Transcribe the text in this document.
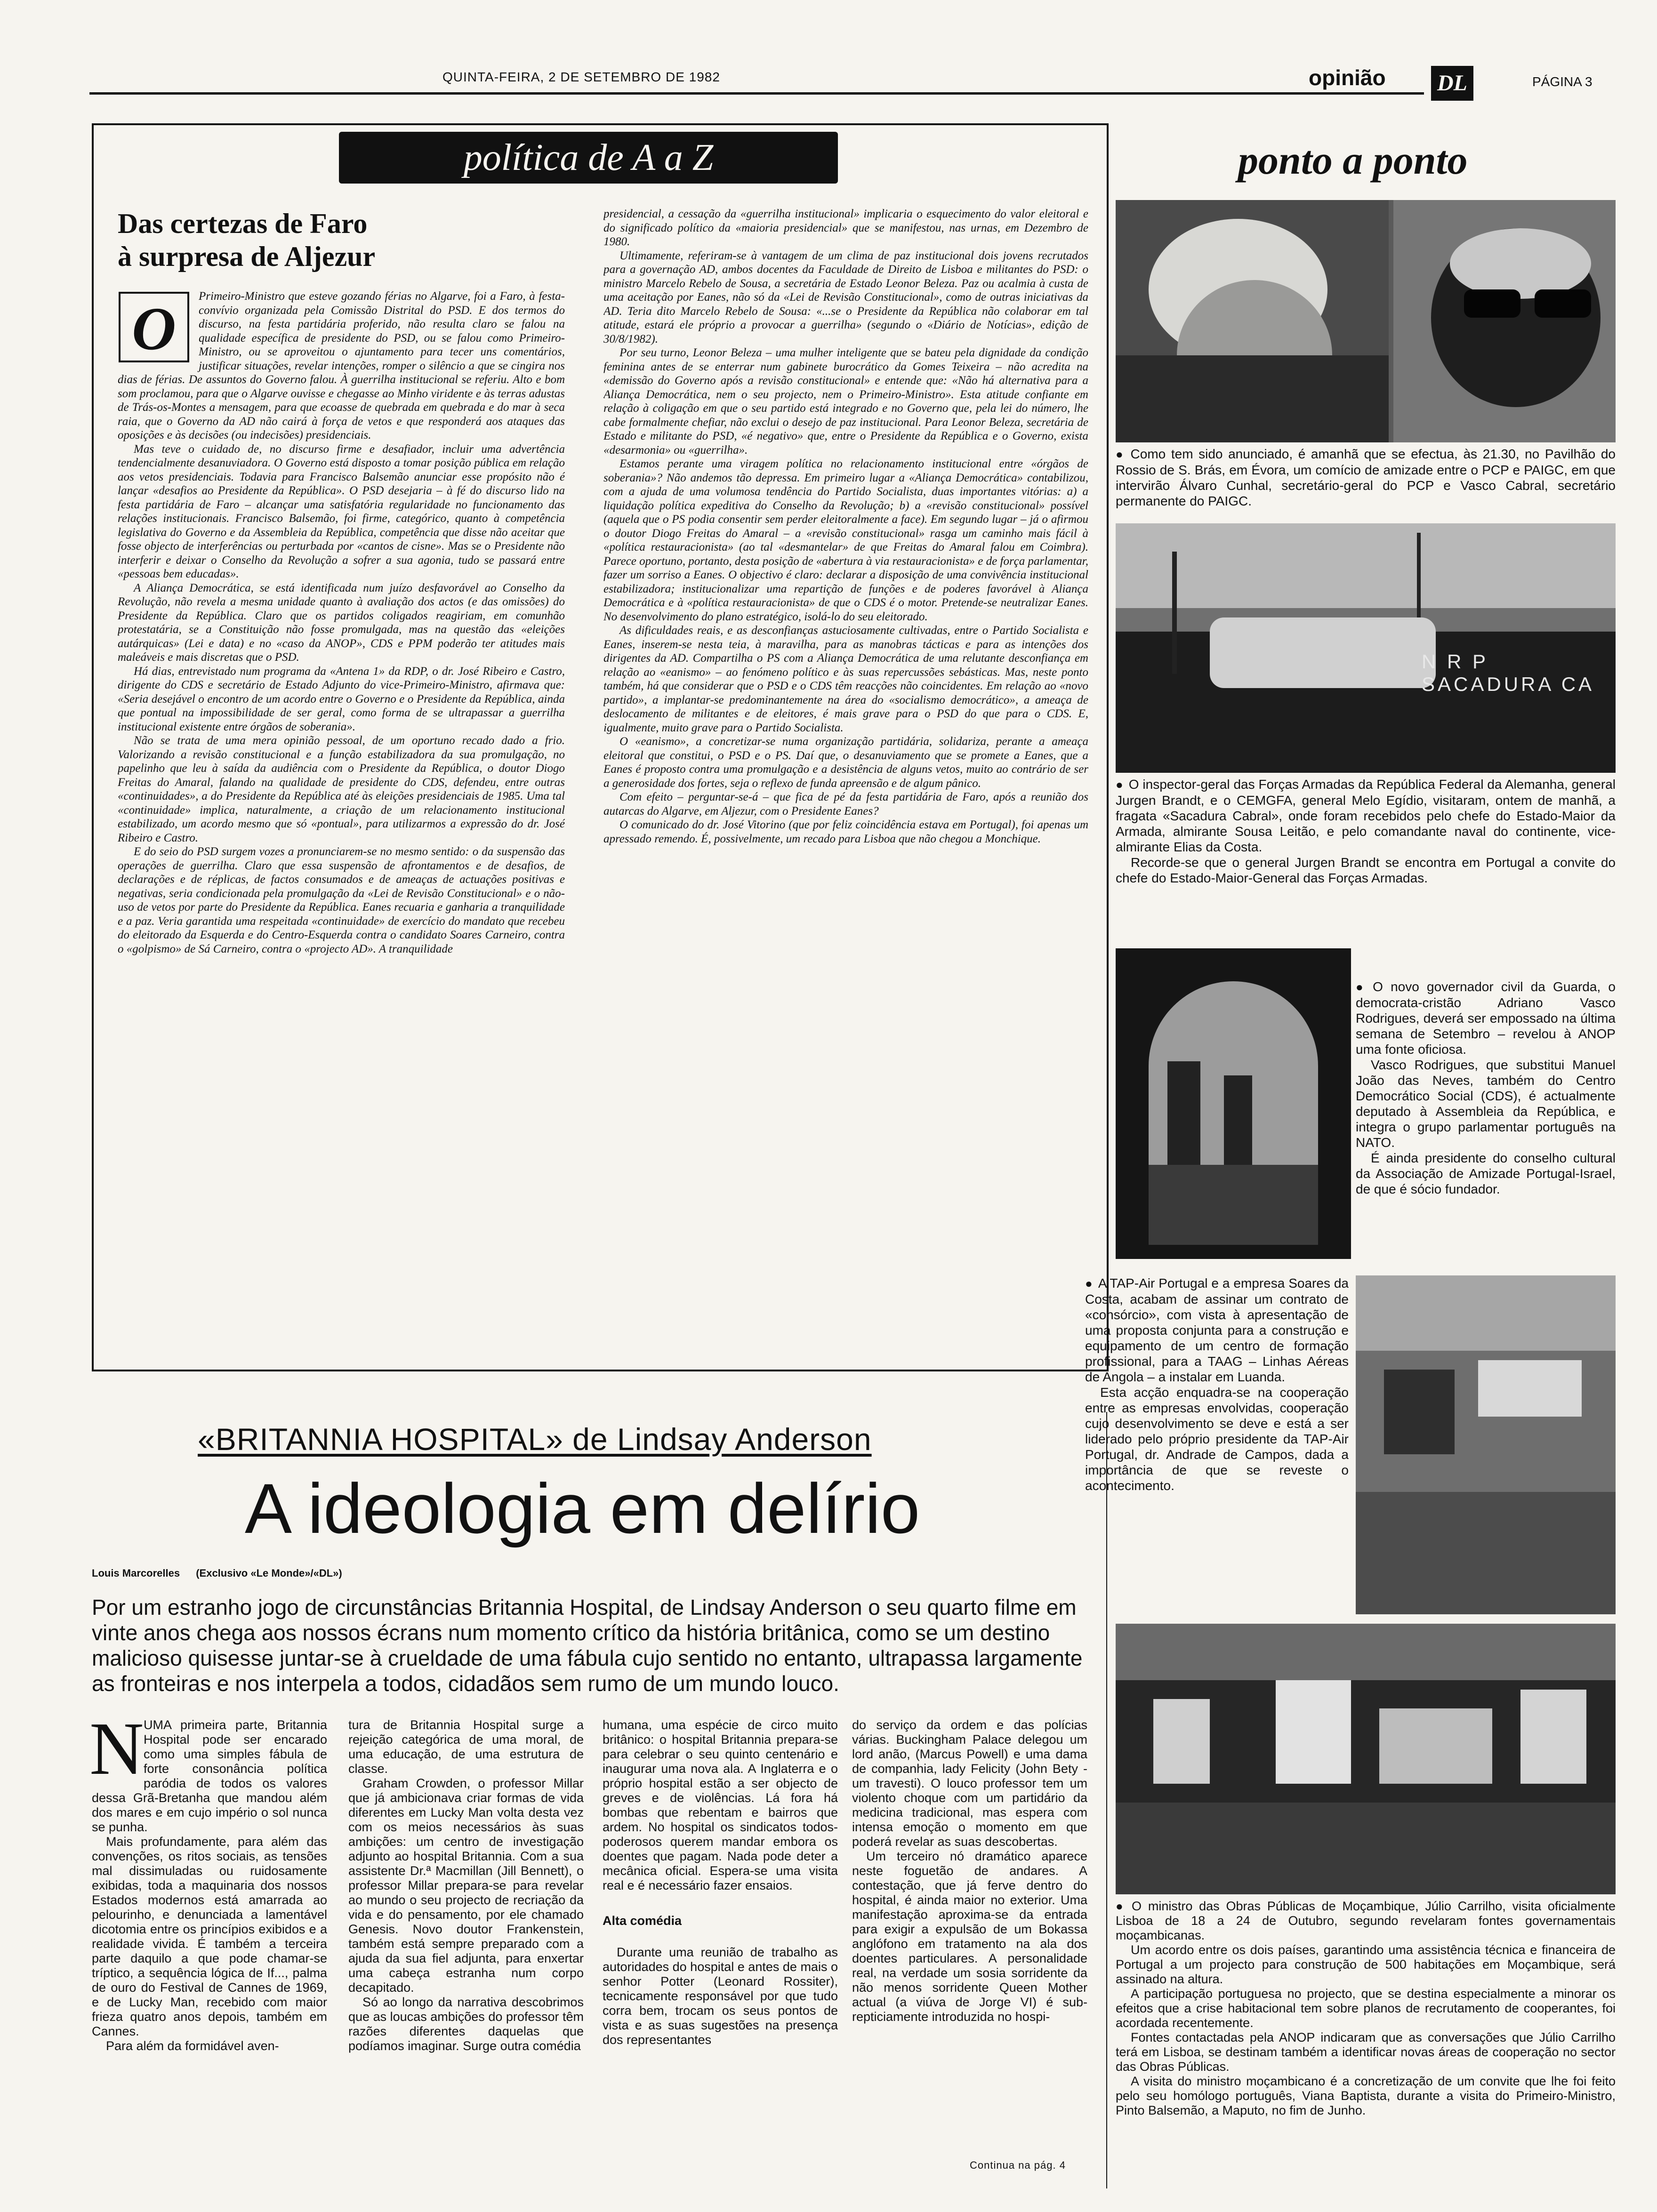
QUINTA-FEIRA, 2 DE SETEMBRO DE 1982	opinião DL	PÁGINA 3
política de A a Z
Das certezas de Faro
à surpresa de Aljezur
O	Primeiro-Ministro que esteve gozando férias no Algarve, foi a Faro, à festa-convívio organizada pela Comissão Distrital do PSD. E dos termos do discurso, na festa partidária proferido, não resulta claro se falou na qualidade específica de presidente do PSD, ou se falou como Primeiro-Ministro, ou se aproveitou o ajuntamento para tecer uns comentários, justificar situações, revelar intenções, romper o silêncio a que se cingira nos dias de férias. De assuntos do Governo falou. À guerrilha institucional se referiu. Alto e bom som proclamou, para que o Algarve ouvisse e chegasse ao Minho viridente e às terras adustas de Trás-os-Montes a mensagem, para que ecoasse de quebrada em quebrada e do mar à seca raia, que o Governo da AD não cairá à força de vetos e que responderá aos ataques das oposições e às decisões (ou indecisões) presidenciais.

Mas teve o cuidado de, no discurso firme e desafiador, incluir uma advertência tendencialmente desanuviadora. O Governo está disposto a tomar posição pública em relação aos vetos presidenciais. Todavia para Francisco Balsemão anunciar esse propósito não é lançar «desafios ao Presidente da República». O PSD desejaria – à fé do discurso lido na festa partidária de Faro – alcançar uma satisfatória regularidade no funcionamento das relações institucionais. Francisco Balsemão, foi firme, categórico, quanto à competência legislativa do Governo e da Assembleia da República, competência que disse não aceitar que fosse objecto de interferências ou perturbada por «cantos de cisne». Mas se o Presidente não interferir e deixar o Conselho da Revolução a sofrer a sua agonia, tudo se passará entre «pessoas bem educadas».

A Aliança Democrática, se está identificada num juízo desfavorável ao Conselho da Revolução, não revela a mesma unidade quanto à avaliação dos actos (e das omissões) do Presidente da República. Claro que os partidos coligados reagiriam, em comunhão protestatária, se a Constituição não fosse promulgada, mas na questão das «eleições autárquicas» (Lei e data) e no «caso da ANOP», CDS e PPM poderão ter atitudes mais maleáveis e mais discretas que o PSD.

Há dias, entrevistado num programa da «Antena 1» da RDP, o dr. José Ribeiro e Castro, dirigente do CDS e secretário de Estado Adjunto do vice-Primeiro-Ministro, afirmava que: «Seria desejável o encontro de um acordo entre o Governo e o Presidente da República, ainda que pontual na impossibilidade de ser geral, como forma de se ultrapassar a guerrilha institucional existente entre órgãos de soberania».

Não se trata de uma mera opinião pessoal, de um oportuno recado dado a frio. Valorizando a revisão constitucional e a função estabilizadora da sua promulgação, no papelinho que leu à saída da audiência com o Presidente da República, o doutor Diogo Freitas do Amaral, falando na qualidade de presidente do CDS, defendeu, entre outras «continuidades», a do Presidente da República até às eleições presidenciais de 1985. Uma tal «continuidade» implica, naturalmente, a criação de um relacionamento institucional estabilizado, um acordo mesmo que só «pontual», para utilizarmos a expressão do dr. José Ribeiro e Castro.

E do seio do PSD surgem vozes a pronunciarem-se no mesmo sentido: o da suspensão das operações de guerrilha. Claro que essa suspensão de afrontamentos e de desafios, de declarações e de réplicas, de factos consumados e de ameaças de actuações positivas e negativas, seria condicionada pela promulgação da «Lei de Revisão Constitucional» e o não-uso de vetos por parte do Presidente da República. Eanes recuaria e ganharia a tranquilidade e a paz. Veria garantida uma respeitada «continuidade» de exercício do mandato que recebeu do eleitorado da Esquerda e do Centro-Esquerda contra o candidato Soares Carneiro, contra o «golpismo» de Sá Carneiro, contra o «projecto AD». A tranquilidade

presidencial, a cessação da «guerrilha institucional» implicaria o esquecimento do valor eleitoral e do significado político da «maioria presidencial» que se manifestou, nas urnas, em Dezembro de 1980.

Ultimamente, referiram-se à vantagem de um clima de paz institucional dois jovens recrutados para a governação AD, ambos docentes da Faculdade de Direito de Lisboa e militantes do PSD: o ministro Marcelo Rebelo de Sousa, a secretária de Estado Leonor Beleza. Paz ou acalmia à custa de uma aceitação por Eanes, não só da «Lei de Revisão Constitucional», como de outras iniciativas da AD. Teria dito Marcelo Rebelo de Sousa: «...se o Presidente da República não colaborar em tal atitude, estará ele próprio a provocar a guerrilha» (segundo o «Diário de Notícias», edição de 30/8/1982).

Por seu turno, Leonor Beleza – uma mulher inteligente que se bateu pela dignidade da condição feminina antes de se enterrar num gabinete burocrático da Gomes Teixeira – não acredita na «demissão do Governo após a revisão constitucional» e entende que: «Não há alternativa para a Aliança Democrática, nem o seu projecto, nem o Primeiro-Ministro». Esta atitude confiante em relação à coligação em que o seu partido está integrado e no Governo que, pela lei do número, lhe cabe formalmente chefiar, não exclui o desejo de paz institucional. Para Leonor Beleza, secretária de Estado e militante do PSD, «é negativo» que, entre o Presidente da República e o Governo, exista «desarmonia» ou «guerrilha».

Estamos perante uma viragem política no relacionamento institucional entre «órgãos de soberania»? Não andemos tão depressa. Em primeiro lugar a «Aliança Democrática» contabilizou, com a ajuda de uma volumosa tendência do Partido Socialista, duas importantes vitórias: a) a liquidação política expeditiva do Conselho da Revolução; b) a «revisão constitucional» possível (aquela que o PS podia consentir sem perder eleitoralmente a face). Em segundo lugar – já o afirmou o doutor Diogo Freitas do Amaral – a «revisão constitucional» rasga um caminho mais fácil à «política restauracionista» (ao tal «desmantelar» de que Freitas do Amaral falou em Coimbra). Parece oportuno, portanto, desta posição de «abertura à via restauracionista» e de força parlamentar, fazer um sorriso a Eanes. O objectivo é claro: declarar a disposição de uma convivência institucional estabilizadora; institucionalizar uma repartição de funções e de poderes favorável à Aliança Democrática e à «política restauracionista» de que o CDS é o motor. Pretende-se neutralizar Eanes. No desenvolvimento do plano estratégico, isolá-lo do seu eleitorado.

As dificuldades reais, e as desconfianças astuciosamente cultivadas, entre o Partido Socialista e Eanes, inserem-se nesta teia, à maravilha, para as manobras tácticas e para as intenções dos dirigentes da AD. Compartilha o PS com a Aliança Democrática de uma relutante desconfiança em relação ao «eanismo» – ao fenómeno político e às suas repercussões sebásticas. Mas, neste ponto também, há que considerar que o PSD e o CDS têm reacções não coincidentes. Em relação ao «novo partido», a implantar-se predominantemente na área do «socialismo democrático», a ameaça de deslocamento de militantes e de eleitores, é mais grave para o PSD do que para o CDS. E, igualmente, muito grave para o Partido Socialista.

O «eanismo», a concretizar-se numa organização partidária, solidariza, perante a ameaça eleitoral que constitui, o PSD e o PS. Daí que, o desanuviamento que se promete a Eanes, que a Eanes é proposto contra uma promulgação e a desistência de alguns vetos, muito ao contrário de ser a generosidade dos fortes, seja o reflexo de funda apreensão e de algum pânico.

Com efeito – perguntar-se-á – que fica de pé da festa partidária de Faro, após a reunião dos autarcas do Algarve, em Aljezur, com o Presidente Eanes?

O comunicado do dr. José Vitorino (que por feliz coincidência estava em Portugal), foi apenas um apressado remendo. É, possivelmente, um recado para Lisboa que não chegou a Monchique.

«BRITANNIA HOSPITAL» de Lindsay Anderson
A ideologia em delírio
Louis Marcorelles (Exclusivo «Le Monde»/«DL»)
Por um estranho jogo de circunstâncias Britannia Hospital, de Lindsay Anderson o seu quarto filme em vinte anos chega aos nossos écrans num momento crítico da história britânica, como se um destino malicioso quisesse juntar-se à crueldade de uma fábula cujo sentido no entanto, ultrapassa largamente as fronteiras e nos interpela a todos, cidadãos sem rumo de um mundo louco.
N UMA primeira parte, Britannia Hospital pode ser encarado como uma simples fábula de forte consonância política paródia de todos os valores dessa Grã-Bretanha que mandou além dos mares e em cujo império o sol nunca se punha.

Mais profundamente, para além das convenções, os ritos sociais, as tensões mal dissimuladas ou ruidosamente exibidas, toda a maquinaria dos nossos Estados modernos está amarrada ao pelourinho, e denunciada a lamentável dicotomia entre os princípios exibidos e a realidade vivida. É também a terceira parte daquilo a que pode chamar-se tríptico, a sequência lógica de If..., palma de ouro do Festival de Cannes de 1969, e de Lucky Man, recebido com maior frieza quatro anos depois, também em Cannes.

Para além da formidável aven-

tura de Britannia Hospital surge a rejeição categórica de uma moral, de uma educação, de uma estrutura de classe.

Graham Crowden, o professor Millar que já ambicionava criar formas de vida diferentes em Lucky Man volta desta vez com os meios necessários às suas ambições: um centro de investigação adjunto ao hospital Britannia. Com a sua assistente Dr.ª Macmillan (Jill Bennett), o professor Millar prepara-se para revelar ao mundo o seu projecto de recriação da vida e do pensamento, por ele chamado Genesis. Novo doutor Frankenstein, também está sempre preparado com a ajuda da sua fiel adjunta, para enxertar uma cabeça estranha num corpo decapitado.

Só ao longo da narrativa descobrimos que as loucas ambições do professor têm razões diferentes daquelas que podíamos imaginar. Surge outra comédia

humana, uma espécie de circo muito britânico: o hospital Britannia prepara-se para celebrar o seu quinto centenário e inaugurar uma nova ala. A Inglaterra e o próprio hospital estão a ser objecto de greves e de violências. Lá fora há bombas que rebentam e bairros que ardem. No hospital os sindicatos todos-poderosos querem mandar embora os doentes que pagam. Nada pode deter a mecânica oficial. Espera-se uma visita real e é necessário fazer ensaios.

Alta comédia

Durante uma reunião de trabalho as autoridades do hospital e antes de mais o senhor Potter (Leonard Rossiter), tecnicamente responsável por que tudo corra bem, trocam os seus pontos de vista e as suas sugestões na presença dos representantes

do serviço da ordem e das polícias várias. Buckingham Palace delegou um lord anão, (Marcus Powell) e uma dama de companhia, lady Felicity (John Bety -um travesti). O louco professor tem um violento choque com um partidário da medicina tradicional, mas espera com intensa emoção o momento em que poderá revelar as suas descobertas.

Um terceiro nó dramático aparece neste foguetão de andares. A contestação, que já ferve dentro do hospital, é ainda maior no exterior. Uma manifestação aproxima-se da entrada para exigir a expulsão de um Bokassa anglófono em tratamento na ala dos doentes particulares. A personalidade real, na verdade um sosia sorridente da não menos sorridente Queen Mother actual (a viúva de Jorge VI) é sub-repticiamente introduzida no hospi-

Continua na pág. 4
ponto a ponto

● Como tem sido anunciado, é amanhã que se efectua, às 21.30, no Pavilhão do Rossio de S. Brás, em Évora, um comício de amizade entre o PCP e PAIGC, em que intervirão Álvaro Cunhal, secretário-geral do PCP e Vasco Cabral, secretário permanente do PAIGC.

N R P   SACADURA CA

● O inspector-geral das Forças Armadas da República Federal da Alemanha, general Jurgen Brandt, e o CEMGFA, general Melo Egídio, visitaram, ontem de manhã, a fragata «Sacadura Cabral», onde foram recebidos pelo chefe do Estado-Maior da Armada, almirante Sousa Leitão, e pelo comandante naval do continente, vice-almirante Elias da Costa.

Recorde-se que o general Jurgen Brandt se encontra em Portugal a convite do chefe do Estado-Maior-General das Forças Armadas.

● O novo governador civil da Guarda, o democrata-cristão Adriano Vasco Rodrigues, deverá ser empossado na última semana de Setembro – revelou à ANOP uma fonte oficiosa.

Vasco Rodrigues, que substitui Manuel João das Neves, também do Centro Democrático Social (CDS), é actualmente deputado à Assembleia da República, e integra o grupo parlamentar português na NATO.

É ainda presidente do conselho cultural da Associação de Amizade Portugal-Israel, de que é sócio fundador.

● A TAP-Air Portugal e a empresa Soares da Costa, acabam de assinar um contrato de «consórcio», com vista à apresentação de uma proposta conjunta para a construção e equipamento de um centro de formação profissional, para a TAAG – Linhas Aéreas de Angola – a instalar em Luanda.

Esta acção enquadra-se na cooperação entre as empresas envolvidas, cooperação cujo desenvolvimento se deve e está a ser liderado pelo próprio presidente da TAP-Air Portugal, dr. Andrade de Campos, dada a importância de que se reveste o acontecimento.

● O ministro das Obras Públicas de Moçambique, Júlio Carrilho, visita oficialmente Lisboa de 18 a 24 de Outubro, segundo revelaram fontes governamentais moçambicanas.

Um acordo entre os dois países, garantindo uma assistência técnica e financeira de Portugal a um projecto para construção de 500 habitações em Moçambique, será assinado na altura.

A participação portuguesa no projecto, que se destina especialmente a minorar os efeitos que a crise habitacional tem sobre planos de recrutamento de cooperantes, foi acordada recentemente.

Fontes contactadas pela ANOP indicaram que as conversações que Júlio Carrilho terá em Lisboa, se destinam também a identificar novas áreas de cooperação no sector das Obras Públicas.

A visita do ministro moçambicano é a concretização de um convite que lhe foi feito pelo seu homólogo português, Viana Baptista, durante a visita do Primeiro-Ministro, Pinto Balsemão, a Maputo, no fim de Junho.
